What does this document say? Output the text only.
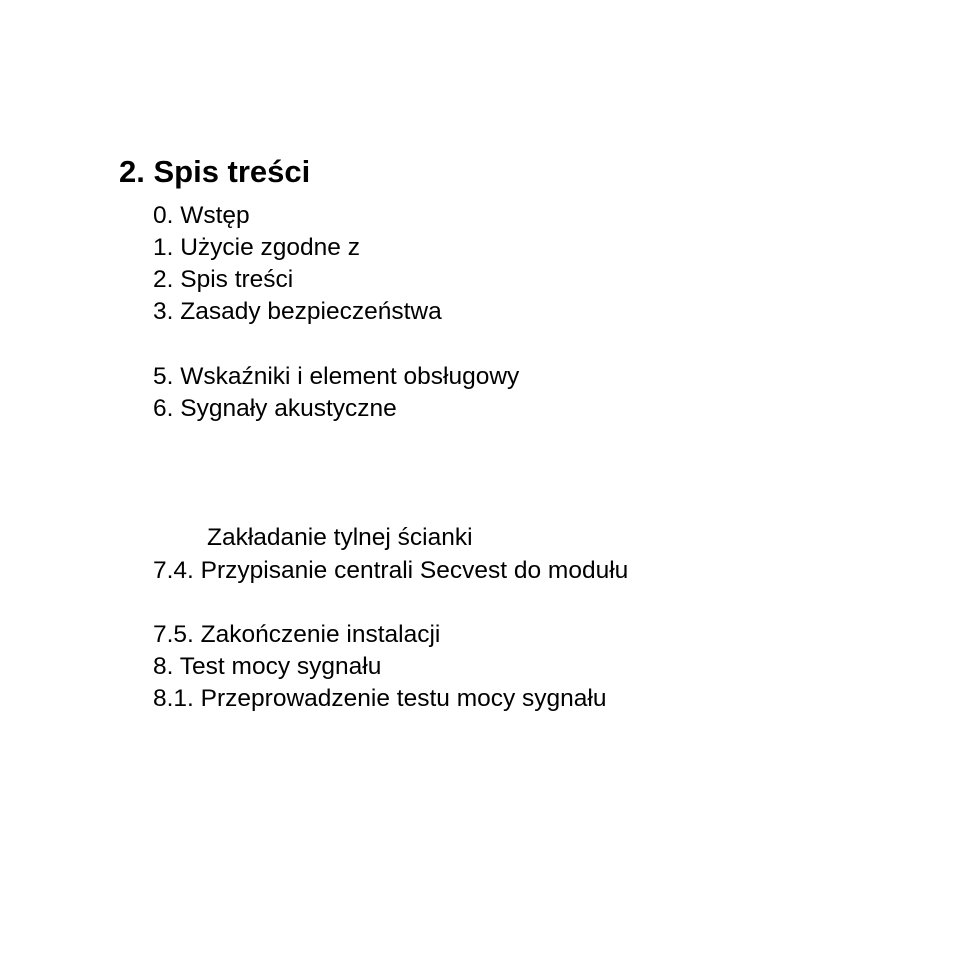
2. Spis treści
0. Wstęp
1. Użycie zgodne z
2. Spis treści
3. Zasady bezpieczeństwa
5. Wskaźniki i element obsługowy
6. Sygnały akustyczne
Zakładanie tylnej ścianki
7.4. Przypisanie centrali Secvest do modułu
7.5. Zakończenie instalacji
8. Test mocy sygnału
8.1. Przeprowadzenie testu mocy sygnału
